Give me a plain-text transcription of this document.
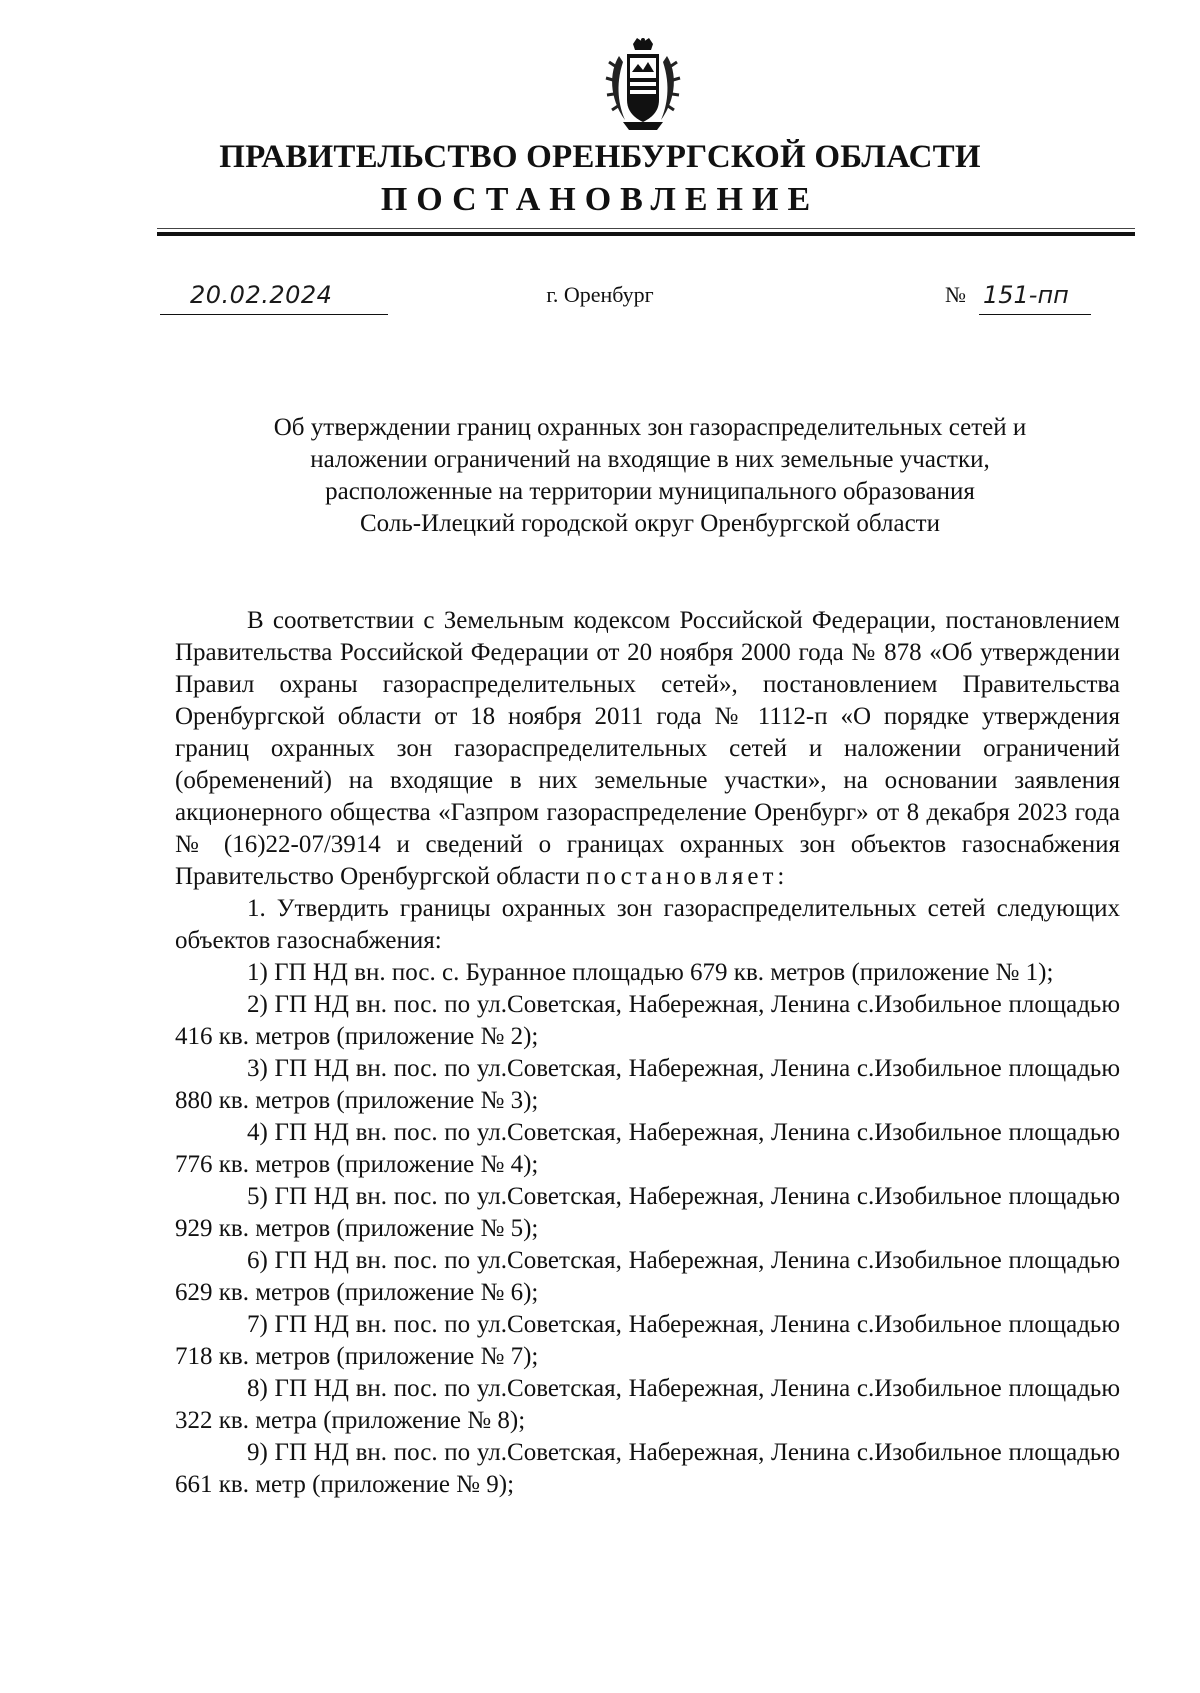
ПРАВИТЕЛЬСТВО ОРЕНБУРГСКОЙ ОБЛАСТИ
ПОСТАНОВЛЕНИЕ
20.02.2024	г. Оренбург	№ 151-пп
Об утверждении границ охранных зон газораспределительных сетей и
наложении ограничений на входящие в них земельные участки,
расположенные на территории муниципального образования
Соль-Илецкий городской округ Оренбургской области

В соответствии с Земельным кодексом Российской Федерации, постановлением Правительства Российской Федерации от 20 ноября 2000 года № 878 «Об утверждении Правил охраны газораспределительных сетей», постановлением Правительства Оренбургской области от 18 ноября 2011 года № 1112-п «О порядке утверждения границ охранных зон газораспределительных сетей и наложении ограничений (обременений) на входящие в них земельные участки», на основании заявления акционерного общества «Газпром газораспределение Оренбург» от 8 декабря 2023 года № (16)22-07/3914 и сведений о границах охранных зон объектов газоснабжения Правительство Оренбургской области постановляет:

1. Утвердить границы охранных зон газораспределительных сетей следующих объектов газоснабжения:

1) ГП НД вн. пос. с. Буранное площадью 679 кв. метров (приложение № 1);

2) ГП НД вн. пос. по ул.Советская, Набережная, Ленина с.Изобильное площадью 416 кв. метров (приложение № 2);

3) ГП НД вн. пос. по ул.Советская, Набережная, Ленина с.Изобильное площадью 880 кв. метров (приложение № 3);

4) ГП НД вн. пос. по ул.Советская, Набережная, Ленина с.Изобильное площадью 776 кв. метров (приложение № 4);

5) ГП НД вн. пос. по ул.Советская, Набережная, Ленина с.Изобильное площадью 929 кв. метров (приложение № 5);

6) ГП НД вн. пос. по ул.Советская, Набережная, Ленина с.Изобильное площадью 629 кв. метров (приложение № 6);

7) ГП НД вн. пос. по ул.Советская, Набережная, Ленина с.Изобильное площадью 718 кв. метров (приложение № 7);

8) ГП НД вн. пос. по ул.Советская, Набережная, Ленина с.Изобильное площадью 322 кв. метра (приложение № 8);

9) ГП НД вн. пос. по ул.Советская, Набережная, Ленина с.Изобильное площадью 661 кв. метр (приложение № 9);
